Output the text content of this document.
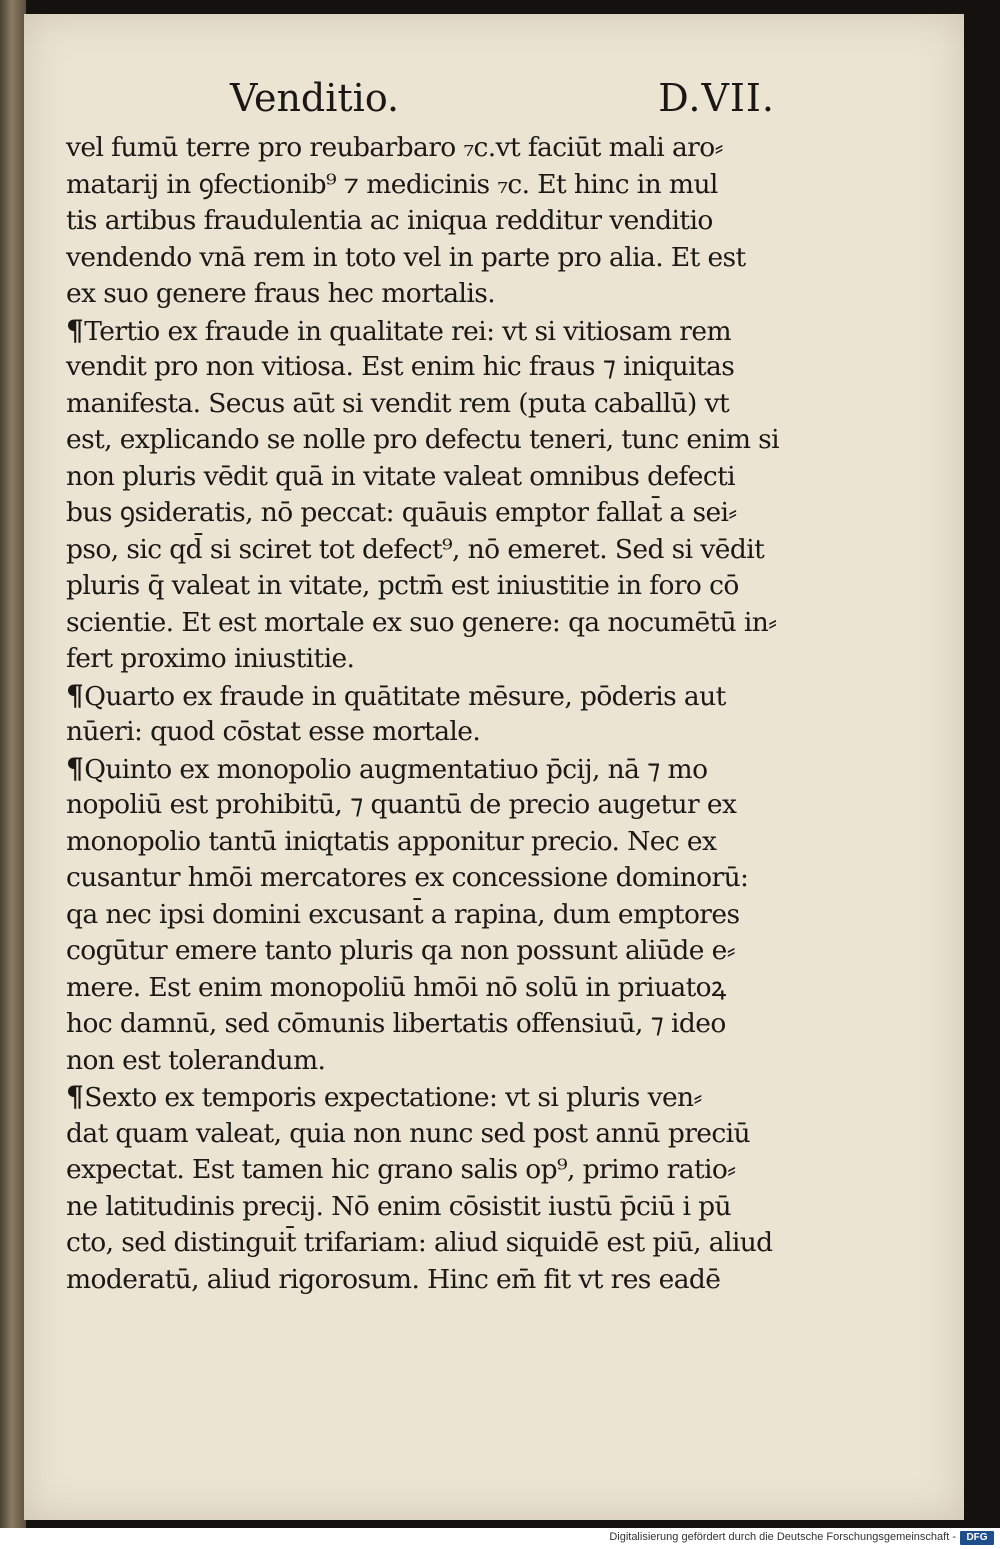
Venditio.	D.VII.
vel fumū terre pro reubarbaro ₇c.vt faciūt mali aro⸗
matarij in ꝯfectionib⁹ ⁊ medicinis ₇c. Et hinc in mul
tis artibus fraudulentia ac iniqua redditur venditio
vendendo vnā rem in toto vel in parte pro alia. Et est
ex suo genere fraus hec mortalis.
¶Tertio ex fraude in qualitate rei: vt si vitiosam rem
vendit pro non vitiosa. Est enim hic fraus ⁊ iniquitas
manifesta. Secus aūt si vendit rem (puta caballū) vt
est, explicando se nolle pro defectu teneri, tunc enim si
non pluris vēdit quā in vitate valeat omnibus defecti
bus ꝯsideratis, nō peccat: quāuis emptor fallat̄ a sei⸗
pso, sic qd̄ si sciret tot defect⁹, nō emeret. Sed si vēdit
pluris q̄ valeat in vitate, pctm̄ est iniustitie in foro cō
scientie. Et est mortale ex suo genere: qa nocumētū in⸗
fert proximo iniustitie.
¶Quarto ex fraude in quātitate mēsure, pōderis aut
nūeri: quod cōstat esse mortale.
¶Quinto ex monopolio augmentatiuo p̄cij, nā ⁊ mo
nopoliū est prohibitū, ⁊ quantū de precio augetur ex
monopolio tantū iniqtatis apponitur precio. Nec ex
cusantur hmōi mercatores ex concessione dominorū:
qa nec ipsi domini excusant̄ a rapina, dum emptores
cogūtur emere tanto pluris qa non possunt aliūde e⸗
mere. Est enim monopoliū hmōi nō solū in priuatoꝝ
hoc damnū, sed cōmunis libertatis offensiuū, ⁊ ideo
non est tolerandum.
¶Sexto ex temporis expectatione: vt si pluris ven⸗
dat quam valeat, quia non nunc sed post annū preciū
expectat. Est tamen hic grano salis op⁹, primo ratio⸗
ne latitudinis precij. Nō enim cōsistit iustū p̄ciū i pū
cto, sed distinguit̄ trifariam: aliud siquidē est piū, aliud
moderatū, aliud rigorosum. Hinc em̄ fit vt res eadē
Digitalisierung gefördert durch die Deutsche Forschungsgemeinschaft -	DFG
